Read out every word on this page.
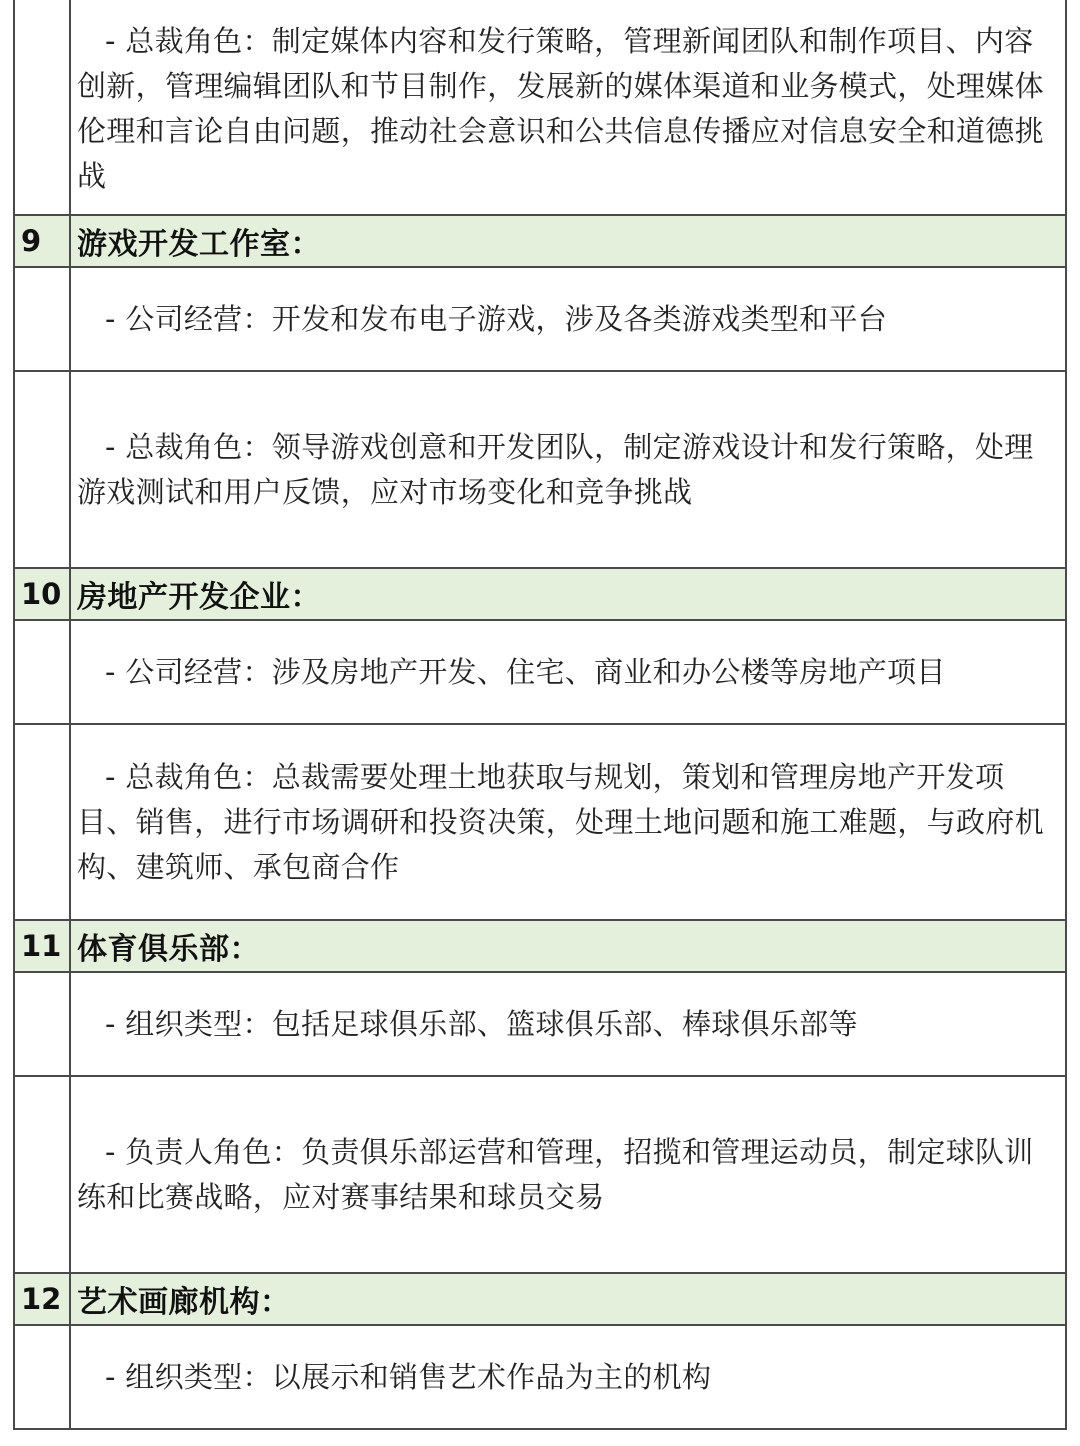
	- 总裁角色：制定媒体内容和发行策略，管理新闻团队和制作项目、内容创新，管理编辑团队和节目制作，发展新的媒体渠道和业务模式，处理媒体伦理和言论自由问题，推动社会意识和公共信息传播应对信息安全和道德挑战
9	游戏开发工作室：
	- 公司经营：开发和发布电子游戏，涉及各类游戏类型和平台
	- 总裁角色：领导游戏创意和开发团队，制定游戏设计和发行策略，处理游戏测试和用户反馈，应对市场变化和竞争挑战
10	房地产开发企业：
	- 公司经营：涉及房地产开发、住宅、商业和办公楼等房地产项目
	- 总裁角色：总裁需要处理土地获取与规划，策划和管理房地产开发项目、销售，进行市场调研和投资决策，处理土地问题和施工难题，与政府机构、建筑师、承包商合作
11	体育俱乐部：
	- 组织类型：包括足球俱乐部、篮球俱乐部、棒球俱乐部等
	- 负责人角色：负责俱乐部运营和管理，招揽和管理运动员，制定球队训练和比赛战略，应对赛事结果和球员交易
12	艺术画廊机构：
	- 组织类型：以展示和销售艺术作品为主的机构
